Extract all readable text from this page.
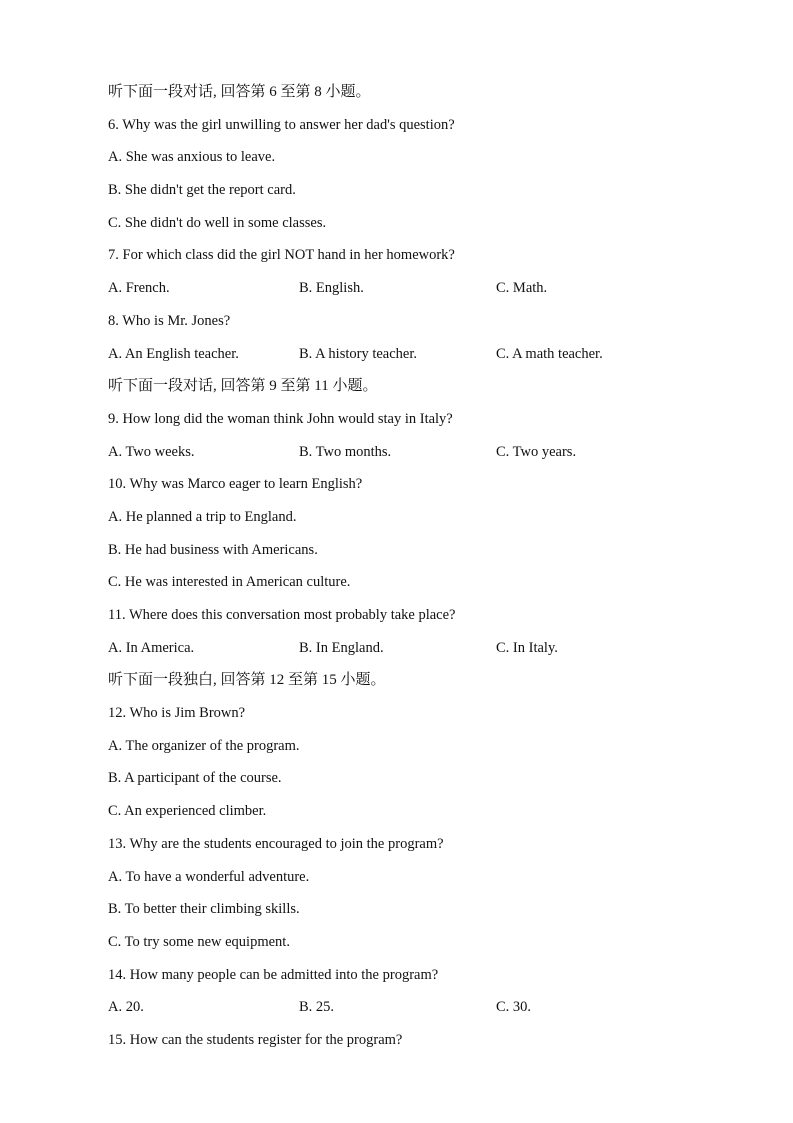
听下面一段对话, 回答第 6 至第 8 小题。
6. Why was the girl unwilling to answer her dad's question?
A. She was anxious to leave.
B. She didn't get the report card.
C. She didn't do well in some classes.
7. For which class did the girl NOT hand in her homework?
A. French.	B. English.	C. Math.
8. Who is Mr. Jones?
A. An English teacher.	B. A history teacher.	C. A math teacher.
听下面一段对话, 回答第 9 至第 11 小题。
9. How long did the woman think John would stay in Italy?
A. Two weeks.	B. Two months.	C. Two years.
10. Why was Marco eager to learn English?
A. He planned a trip to England.
B. He had business with Americans.
C. He was interested in American culture.
11. Where does this conversation most probably take place?
A. In America.	B. In England.	C. In Italy.
听下面一段独白, 回答第 12 至第 15 小题。
12. Who is Jim Brown?
A. The organizer of the program.
B. A participant of the course.
C. An experienced climber.
13. Why are the students encouraged to join the program?
A. To have a wonderful adventure.
B. To better their climbing skills.
C. To try some new equipment.
14. How many people can be admitted into the program?
A. 20.	B. 25.	C. 30.
15. How can the students register for the program?
